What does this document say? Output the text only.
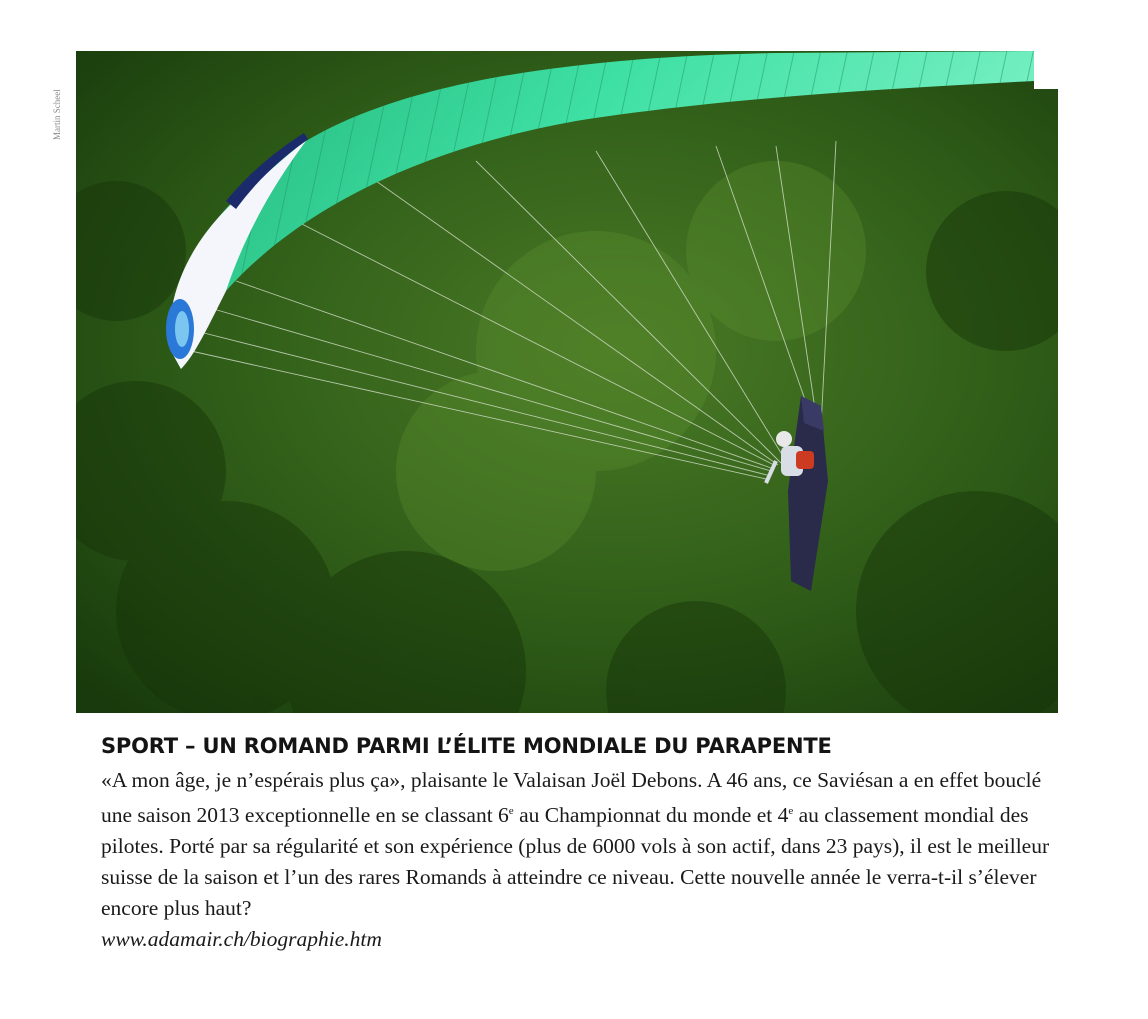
Martin Scheel
SPORT – UN ROMAND PARMI L’ÉLITE MONDIALE DU PARAPENTE
«A mon âge, je n’espérais plus ça», plaisante le Valaisan Joël Debons. A 46 ans, ce Saviésan a en effet bouclé une saison 2013 exceptionnelle en se classant 6e au Championnat du monde et 4e au classement mondial des pilotes. Porté par sa régularité et son expérience (plus de 6000 vols à son actif, dans 23 pays), il est le meilleur suisse de la saison et l’un des rares Romands à atteindre ce niveau. Cette nouvelle année le verra-t-il s’élever encore plus haut?
www.adamair.ch/biographie.htm
